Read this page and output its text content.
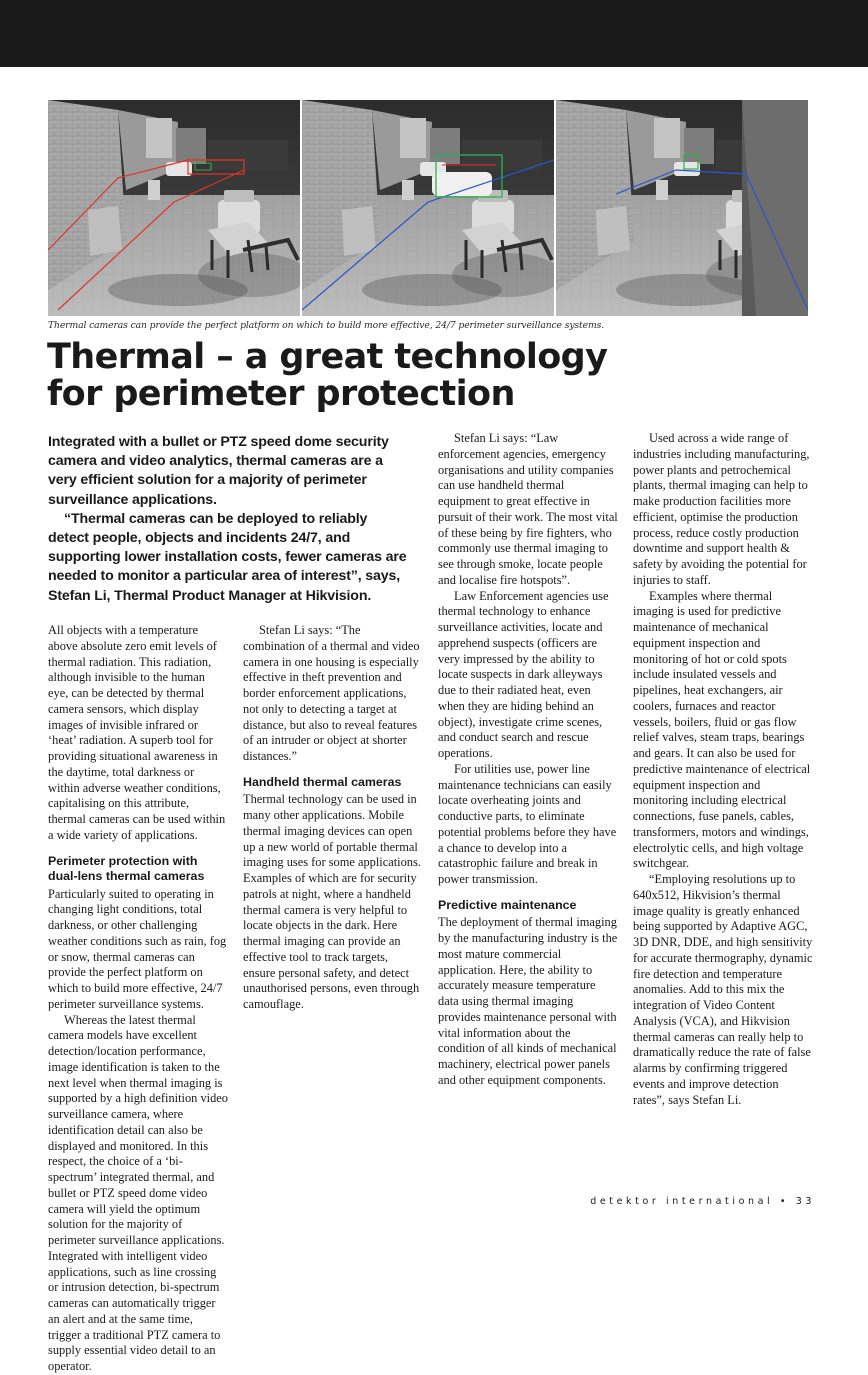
Thermal cameras can provide the perfect platform on which to build more effective, 24/7 perimeter surveillance systems.
Thermal – a great technology
for perimeter protection

Integrated with a bullet or PTZ speed dome security camera and video analytics, thermal cameras are a very efficient solution for a majority of perimeter surveillance applications.

“Thermal cameras can be deployed to reliably detect people, objects and incidents 24/7, and supporting lower installation costs, fewer cameras are needed to monitor a particular area of interest”, says, Stefan Li, Thermal Product Manager at Hikvision.

All objects with a temperature above absolute zero emit levels of thermal radiation. This radiation, although invisible to the human eye, can be detected by thermal camera sensors, which display images of invisible infrared or ‘heat’ radiation. A superb tool for providing situational awareness in the daytime, total darkness or within adverse weather conditions, capitalising on this attribute, thermal cameras can be used within a wide variety of applications.

Perimeter protection with dual-lens thermal cameras

Particularly suited to operating in changing light conditions, total darkness, or other challenging weather conditions such as rain, fog or snow, thermal cameras can provide the perfect platform on which to build more effective, 24/7 perimeter surveillance systems.

Whereas the latest thermal camera models have excellent detection/location performance, image identification is taken to the next level when thermal imaging is supported by a high definition video surveillance camera, where identification detail can also be displayed and monitored. In this respect, the choice of a ‘bi-spectrum’ integrated thermal, and bullet or PTZ speed dome video camera will yield the optimum solution for the majority of perimeter surveillance applications. Integrated with intelligent video applications, such as line crossing or intrusion detection, bi-spectrum cameras can automatically trigger an alert and at the same time, trigger a traditional PTZ camera to supply essential video detail to an operator.

Stefan Li says: “The combination of a thermal and video camera in one housing is especially effective in theft prevention and border enforcement applications, not only to detecting a target at distance, but also to reveal features of an intruder or object at shorter distances.”

Handheld thermal cameras

Thermal technology can be used in many other applications. Mobile thermal imaging devices can open up a new world of portable thermal imaging uses for some applications. Examples of which are for security patrols at night, where a handheld thermal camera is very helpful to locate objects in the dark. Here thermal imaging can provide an effective tool to track targets, ensure personal safety, and detect unauthorised persons, even through camouflage.

Stefan Li says: “Law enforcement agencies, emergency organisations and utility companies can use handheld thermal equipment to great effective in pursuit of their work. The most vital of these being by fire fighters, who commonly use thermal imaging to see through smoke, locate people and localise fire hotspots”.

Law Enforcement agencies use thermal technology to enhance surveillance activities, locate and apprehend suspects (officers are very impressed by the ability to locate suspects in dark alleyways due to their radiated heat, even when they are hiding behind an object), investigate crime scenes, and conduct search and rescue operations.

For utilities use, power line maintenance technicians can easily locate overheating joints and conductive parts, to eliminate potential problems before they have a chance to develop into a catastrophic failure and break in power transmission.

Predictive maintenance

The deployment of thermal imaging by the manufacturing industry is the most mature commercial application. Here, the ability to accurately measure temperature data using thermal imaging provides maintenance personal with vital information about the condition of all kinds of mechanical machinery, electrical power panels and other equipment components.

Used across a wide range of industries including manufacturing, power plants and petrochemical plants, thermal imaging can help to make production facilities more efficient, optimise the production process, reduce costly production downtime and support health & safety by avoiding the potential for injuries to staff.

Examples where thermal imaging is used for predictive maintenance of mechanical equipment inspection and monitoring of hot or cold spots include insulated vessels and pipelines, heat exchangers, air coolers, furnaces and reactor vessels, boilers, fluid or gas flow relief valves, steam traps, bearings and gears. It can also be used for predictive maintenance of electrical equipment inspection and monitoring including electrical connections, fuse panels, cables, transformers, motors and windings, electrolytic cells, and high voltage switchgear.

“Employing resolutions up to 640x512, Hikvision’s thermal image quality is greatly enhanced being supported by Adaptive AGC, 3D DNR, DDE, and high sensitivity for accurate thermography, dynamic fire detection and temperature anomalies. Add to this mix the integration of Video Content Analysis (VCA), and Hikvision thermal cameras can really help to dramatically reduce the rate of false alarms by confirming triggered events and improve detection rates”, says Stefan Li.

detektor international • 33
